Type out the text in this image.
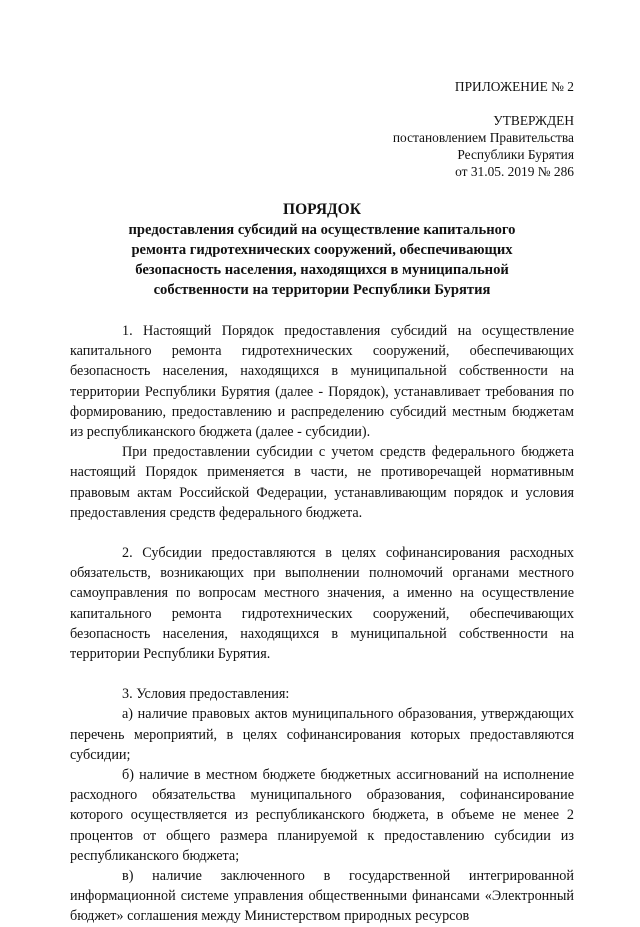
ПРИЛОЖЕНИЕ № 2
УТВЕРЖДЕН
постановлением Правительства
Республики Бурятия
от 31.05. 2019 № 286
ПОРЯДОК
предоставления субсидий на осуществление капитального
ремонта гидротехнических сооружений, обеспечивающих
безопасность населения, находящихся в муниципальной
собственности на территории Республики Бурятия

1. Настоящий Порядок предоставления субсидий на осуществление капитального ремонта гидротехнических сооружений, обеспечивающих безопасность населения, находящихся в муниципальной собственности на территории Республики Бурятия (далее - Порядок), устанавливает требования по формированию, предоставлению и распределению субсидий местным бюджетам из республиканского бюджета (далее - субсидии).

При предоставлении субсидии с учетом средств федерального бюджета настоящий Порядок применяется в части, не противоречащей нормативным правовым актам Российской Федерации, устанавливающим порядок и условия предоставления средств федерального бюджета.

2. Субсидии предоставляются в целях софинансирования расходных обязательств, возникающих при выполнении полномочий органами местного самоуправления по вопросам местного значения, а именно на осуществление капитального ремонта гидротехнических сооружений, обеспечивающих безопасность населения, находящихся в муниципальной собственности на территории Республики Бурятия.

3. Условия предоставления:

а) наличие правовых актов муниципального образования, утверждающих перечень мероприятий, в целях софинансирования которых предоставляются субсидии;

б) наличие в местном бюджете бюджетных ассигнований на исполнение расходного обязательства муниципального образования, софинансирование которого осуществляется из республиканского бюджета, в объеме не менее 2 процентов от общего размера планируемой к предоставлению субсидии из республиканского бюджета;

в) наличие заключенного в государственной интегрированной информационной системе управления общественными финансами «Электронный бюджет» соглашения между Министерством природных ресурсов
